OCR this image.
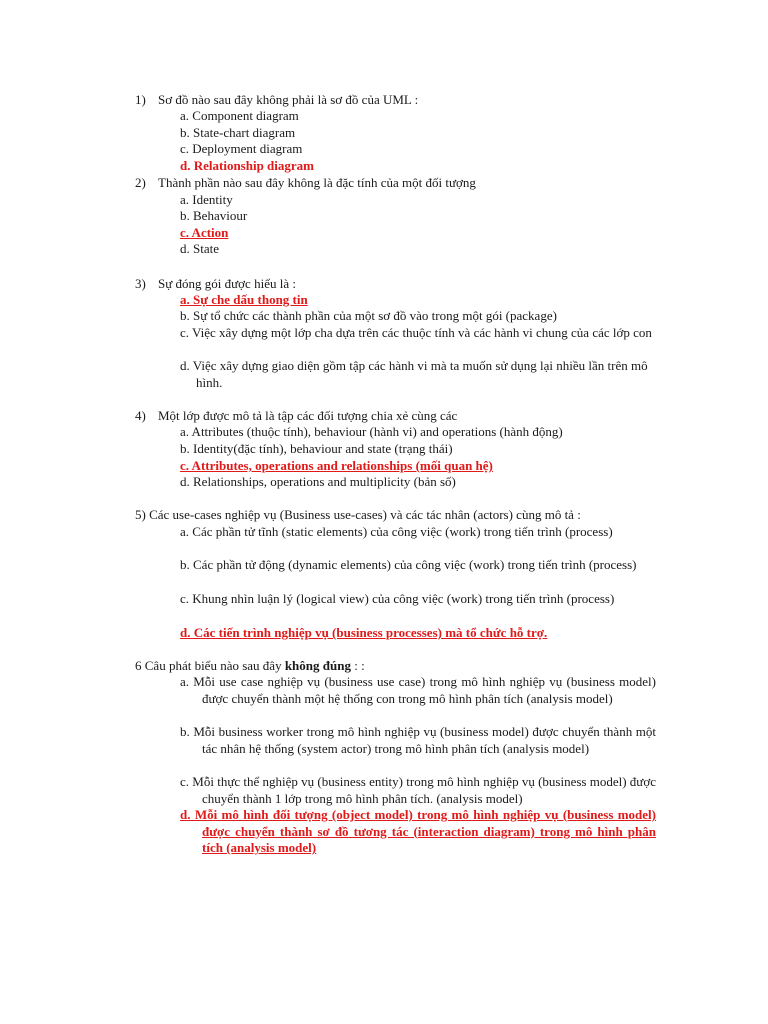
1) Sơ đồ nào sau đây không phải là sơ đồ của UML :
a. Component diagram
b. State-chart diagram
c. Deployment diagram
d. Relationship diagram
2) Thành phần nào sau đây không là đặc tính của một đối tượng
a. Identity
b. Behaviour
c. Action
d. State
3) Sự đóng gói được hiểu là :
a. Sự che dấu thong tin
b. Sự tổ chức các thành phần của một sơ đồ vào trong một gói (package)
c. Việc xây dựng một lớp cha dựa trên các thuộc tính và các hành vi chung của các lớp con
d. Việc xây dựng giao diện gồm tập các hành vi mà ta muốn sử dụng lại nhiều lần trên mô hình.
4) Một lớp được mô tả là tập các đối tượng chia xẻ cùng các
a. Attributes (thuộc tính), behaviour (hành vi) and operations (hành động)
b. Identity(đặc tính), behaviour and state (trạng thái)
c. Attributes, operations and relationships (mối quan hệ)
d. Relationships, operations and multiplicity (bản số)
5) Các use-cases nghiệp vụ (Business use-cases) và các tác nhân (actors) cùng mô tả :
a. Các phần tử tĩnh (static elements) của công việc (work) trong tiến trình (process)
b. Các phần tử động (dynamic elements) của công việc (work) trong tiến trình (process)
c. Khung nhìn luận lý (logical view) của công việc (work) trong tiến trình (process)
d. Các tiến trình nghiệp vụ (business processes) mà tổ chức hỗ trợ.
6 Câu phát biểu nào sau đây không đúng : :
a. Mỗi use case nghiệp vụ (business use case) trong mô hình nghiệp vụ (business model) được chuyển thành một hệ thống con trong mô hình phân tích (analysis model)
b. Mỗi business worker trong mô hình nghiệp vụ (business model) được chuyển thành một tác nhân hệ thống (system actor) trong mô hình phân tích (analysis model)
c. Mỗi thực thể nghiệp vụ (business entity) trong mô hình nghiệp vụ (business model) được chuyển thành 1 lớp trong mô hình phân tích. (analysis model)
d. Mỗi mô hình đối tượng (object model) trong mô hình nghiệp vụ (business model) được chuyển thành sơ đồ tương tác (interaction diagram) trong mô hình phân tích (analysis model)
